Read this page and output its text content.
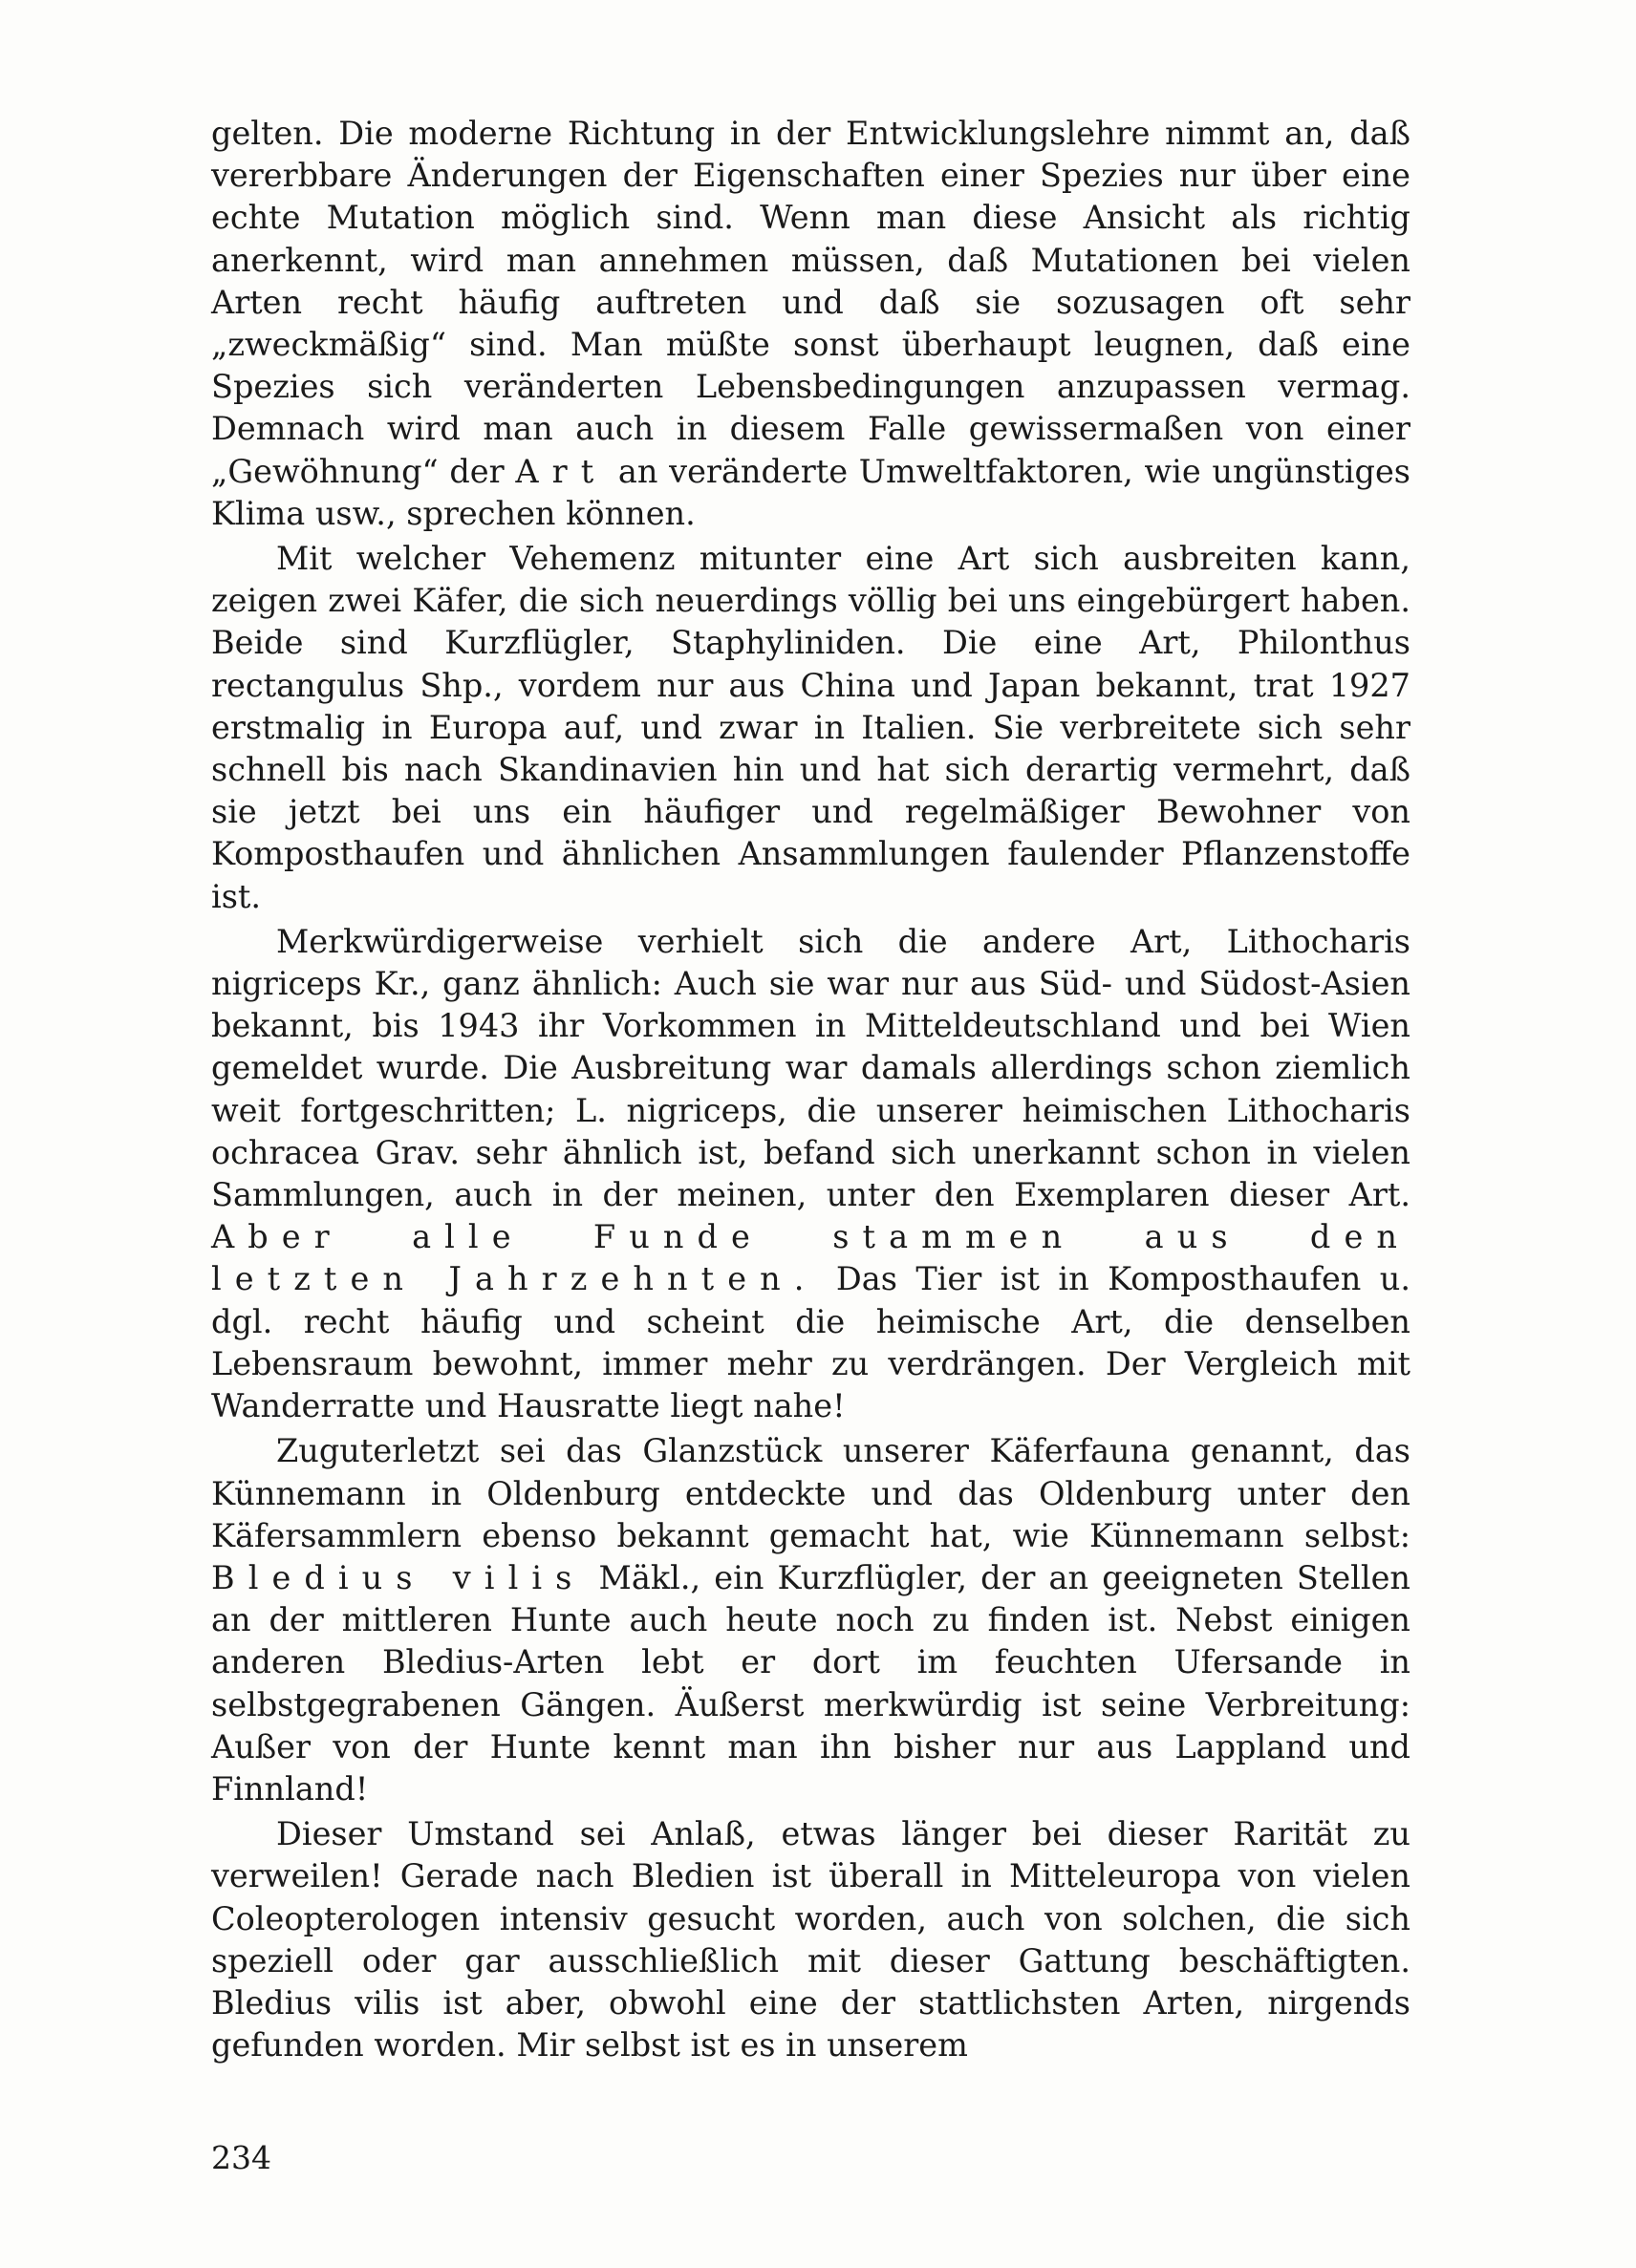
gelten. Die moderne Richtung in der Entwicklungslehre nimmt an, daß vererbbare Änderungen der Eigenschaften einer Spezies nur über eine echte Mutation möglich sind. Wenn man diese Ansicht als richtig anerkennt, wird man annehmen müssen, daß Mutationen bei vielen Arten recht häufig auftreten und daß sie sozusagen oft sehr „zweckmäßig“ sind. Man müßte sonst überhaupt leugnen, daß eine Spezies sich veränderten Lebensbedingungen anzupassen vermag. Demnach wird man auch in diesem Falle gewissermaßen von einer „Gewöhnung“ der Art an veränderte Umweltfaktoren, wie ungünstiges Klima usw., sprechen können.

Mit welcher Vehemenz mitunter eine Art sich ausbreiten kann, zeigen zwei Käfer, die sich neuerdings völlig bei uns eingebürgert haben. Beide sind Kurzflügler, Staphyliniden. Die eine Art, Philonthus rectangulus Shp., vordem nur aus China und Japan bekannt, trat 1927 erstmalig in Europa auf, und zwar in Italien. Sie verbreitete sich sehr schnell bis nach Skandinavien hin und hat sich derartig vermehrt, daß sie jetzt bei uns ein häufiger und regelmäßiger Bewohner von Komposthaufen und ähnlichen Ansammlungen faulender Pflanzenstoffe ist.

Merkwürdigerweise verhielt sich die andere Art, Lithocharis nigriceps Kr., ganz ähnlich: Auch sie war nur aus Süd- und Südost-Asien bekannt, bis 1943 ihr Vorkommen in Mitteldeutschland und bei Wien gemeldet wurde. Die Ausbreitung war damals allerdings schon ziemlich weit fortgeschritten; L. nigriceps, die unserer heimischen Lithocharis ochracea Grav. sehr ähnlich ist, befand sich unerkannt schon in vielen Sammlungen, auch in der meinen, unter den Exemplaren dieser Art. Aber alle Funde stammen aus den letzten Jahrzehnten. Das Tier ist in Komposthaufen u. dgl. recht häufig und scheint die heimische Art, die denselben Lebensraum bewohnt, immer mehr zu verdrängen. Der Vergleich mit Wanderratte und Hausratte liegt nahe!

Zuguterletzt sei das Glanzstück unserer Käferfauna genannt, das Künnemann in Oldenburg entdeckte und das Oldenburg unter den Käfersammlern ebenso bekannt gemacht hat, wie Künnemann selbst: Bledius vilis Mäkl., ein Kurzflügler, der an geeigneten Stellen an der mittleren Hunte auch heute noch zu finden ist. Nebst einigen anderen Bledius-Arten lebt er dort im feuchten Ufersande in selbstgegrabenen Gängen. Äußerst merkwürdig ist seine Verbreitung: Außer von der Hunte kennt man ihn bisher nur aus Lappland und Finnland!

Dieser Umstand sei Anlaß, etwas länger bei dieser Rarität zu verweilen! Gerade nach Bledien ist überall in Mitteleuropa von vielen Coleopterologen intensiv gesucht worden, auch von solchen, die sich speziell oder gar ausschließlich mit dieser Gattung beschäftigten. Bledius vilis ist aber, obwohl eine der stattlichsten Arten, nirgends gefunden worden. Mir selbst ist es in unserem

234
